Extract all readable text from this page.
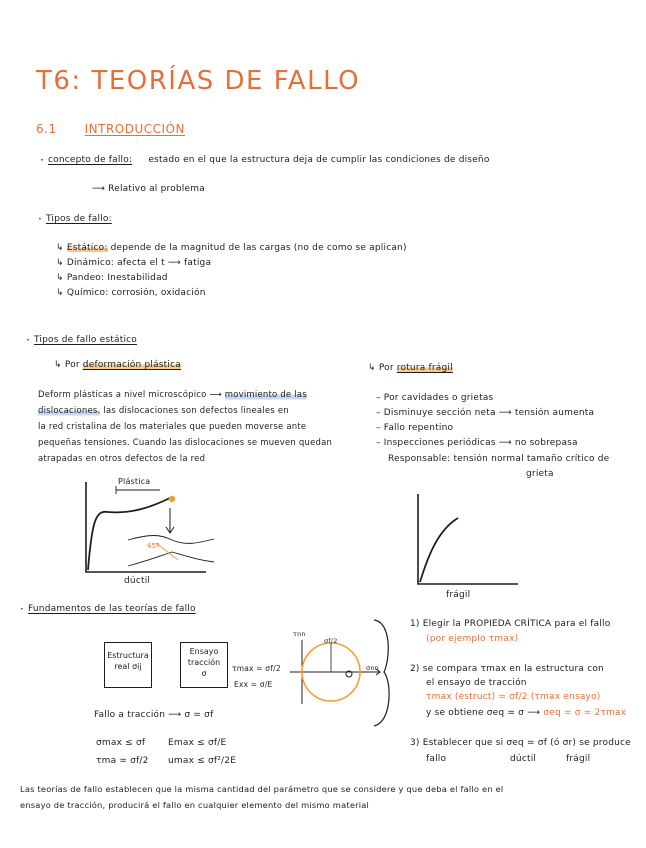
T6: TEORÍAS DE FALLO
6.1 INTRODUCCIÓN
· concepto de fallo: estado en el que la estructura deja de cumplir las condiciones de diseño
⟶ Relativo al problema
· Tipos de fallo:
↳ Estático: depende de la magnitud de las cargas (no de como se aplican)
↳ Dinámico: afecta el t ⟶ fatiga
↳ Pandeo: Inestabilidad
↳ Químico: corrosión, oxidación
· Tipos de fallo estático
↳ Por deformación plástica	↳ Por rotura frágil
Deform plásticas a nivel microscópico ⟶ movimiento de las
dislocaciones. las dislocaciones son defectos lineales en
la red cristalina de los materiales que pueden moverse ante
pequeñas tensiones. Cuando las dislocaciones se mueven quedan
atrapadas en otros defectos de la red
– Por cavidades o grietas
– Disminuye sección neta ⟶ tensión aumenta
– Fallo repentino
– Inspecciones periódicas ⟶ no sobrepasa
Responsable: tensión normal tamaño crítico de
grieta
Plástica
45º
dúctil
frágil
· Fundamentos de las teorías de fallo
Estructura
real σij
Ensayo
tracción
σ
τmax = σf/2
Exx = σ/E
τnn
σnn
σf/2
Fallo a tracción ⟶ σ = σf
σmax ≤ σf	Emax ≤ σf/E
τma = σf/2 umax ≤ σf²/2E
1) Elegir la PROPIEDA CRÍTICA para el fallo
(por ejemplo τmax)
2) se compara τmax en la estructura con
el ensayo de tracción
τmax (estruct) = σf/2 (τmax ensayo)
y se obtiene σeq = σ ⟶ σeq = σ = 2τmax
3) Establecer que si σeq = σf (ó σr) se produce
fallo	dúctil	frágil
Las teorías de fallo establecen que la misma cantidad del parámetro que se considere y que deba el fallo en el
ensayo de tracción, producirá el fallo en cualquier elemento del mismo material
